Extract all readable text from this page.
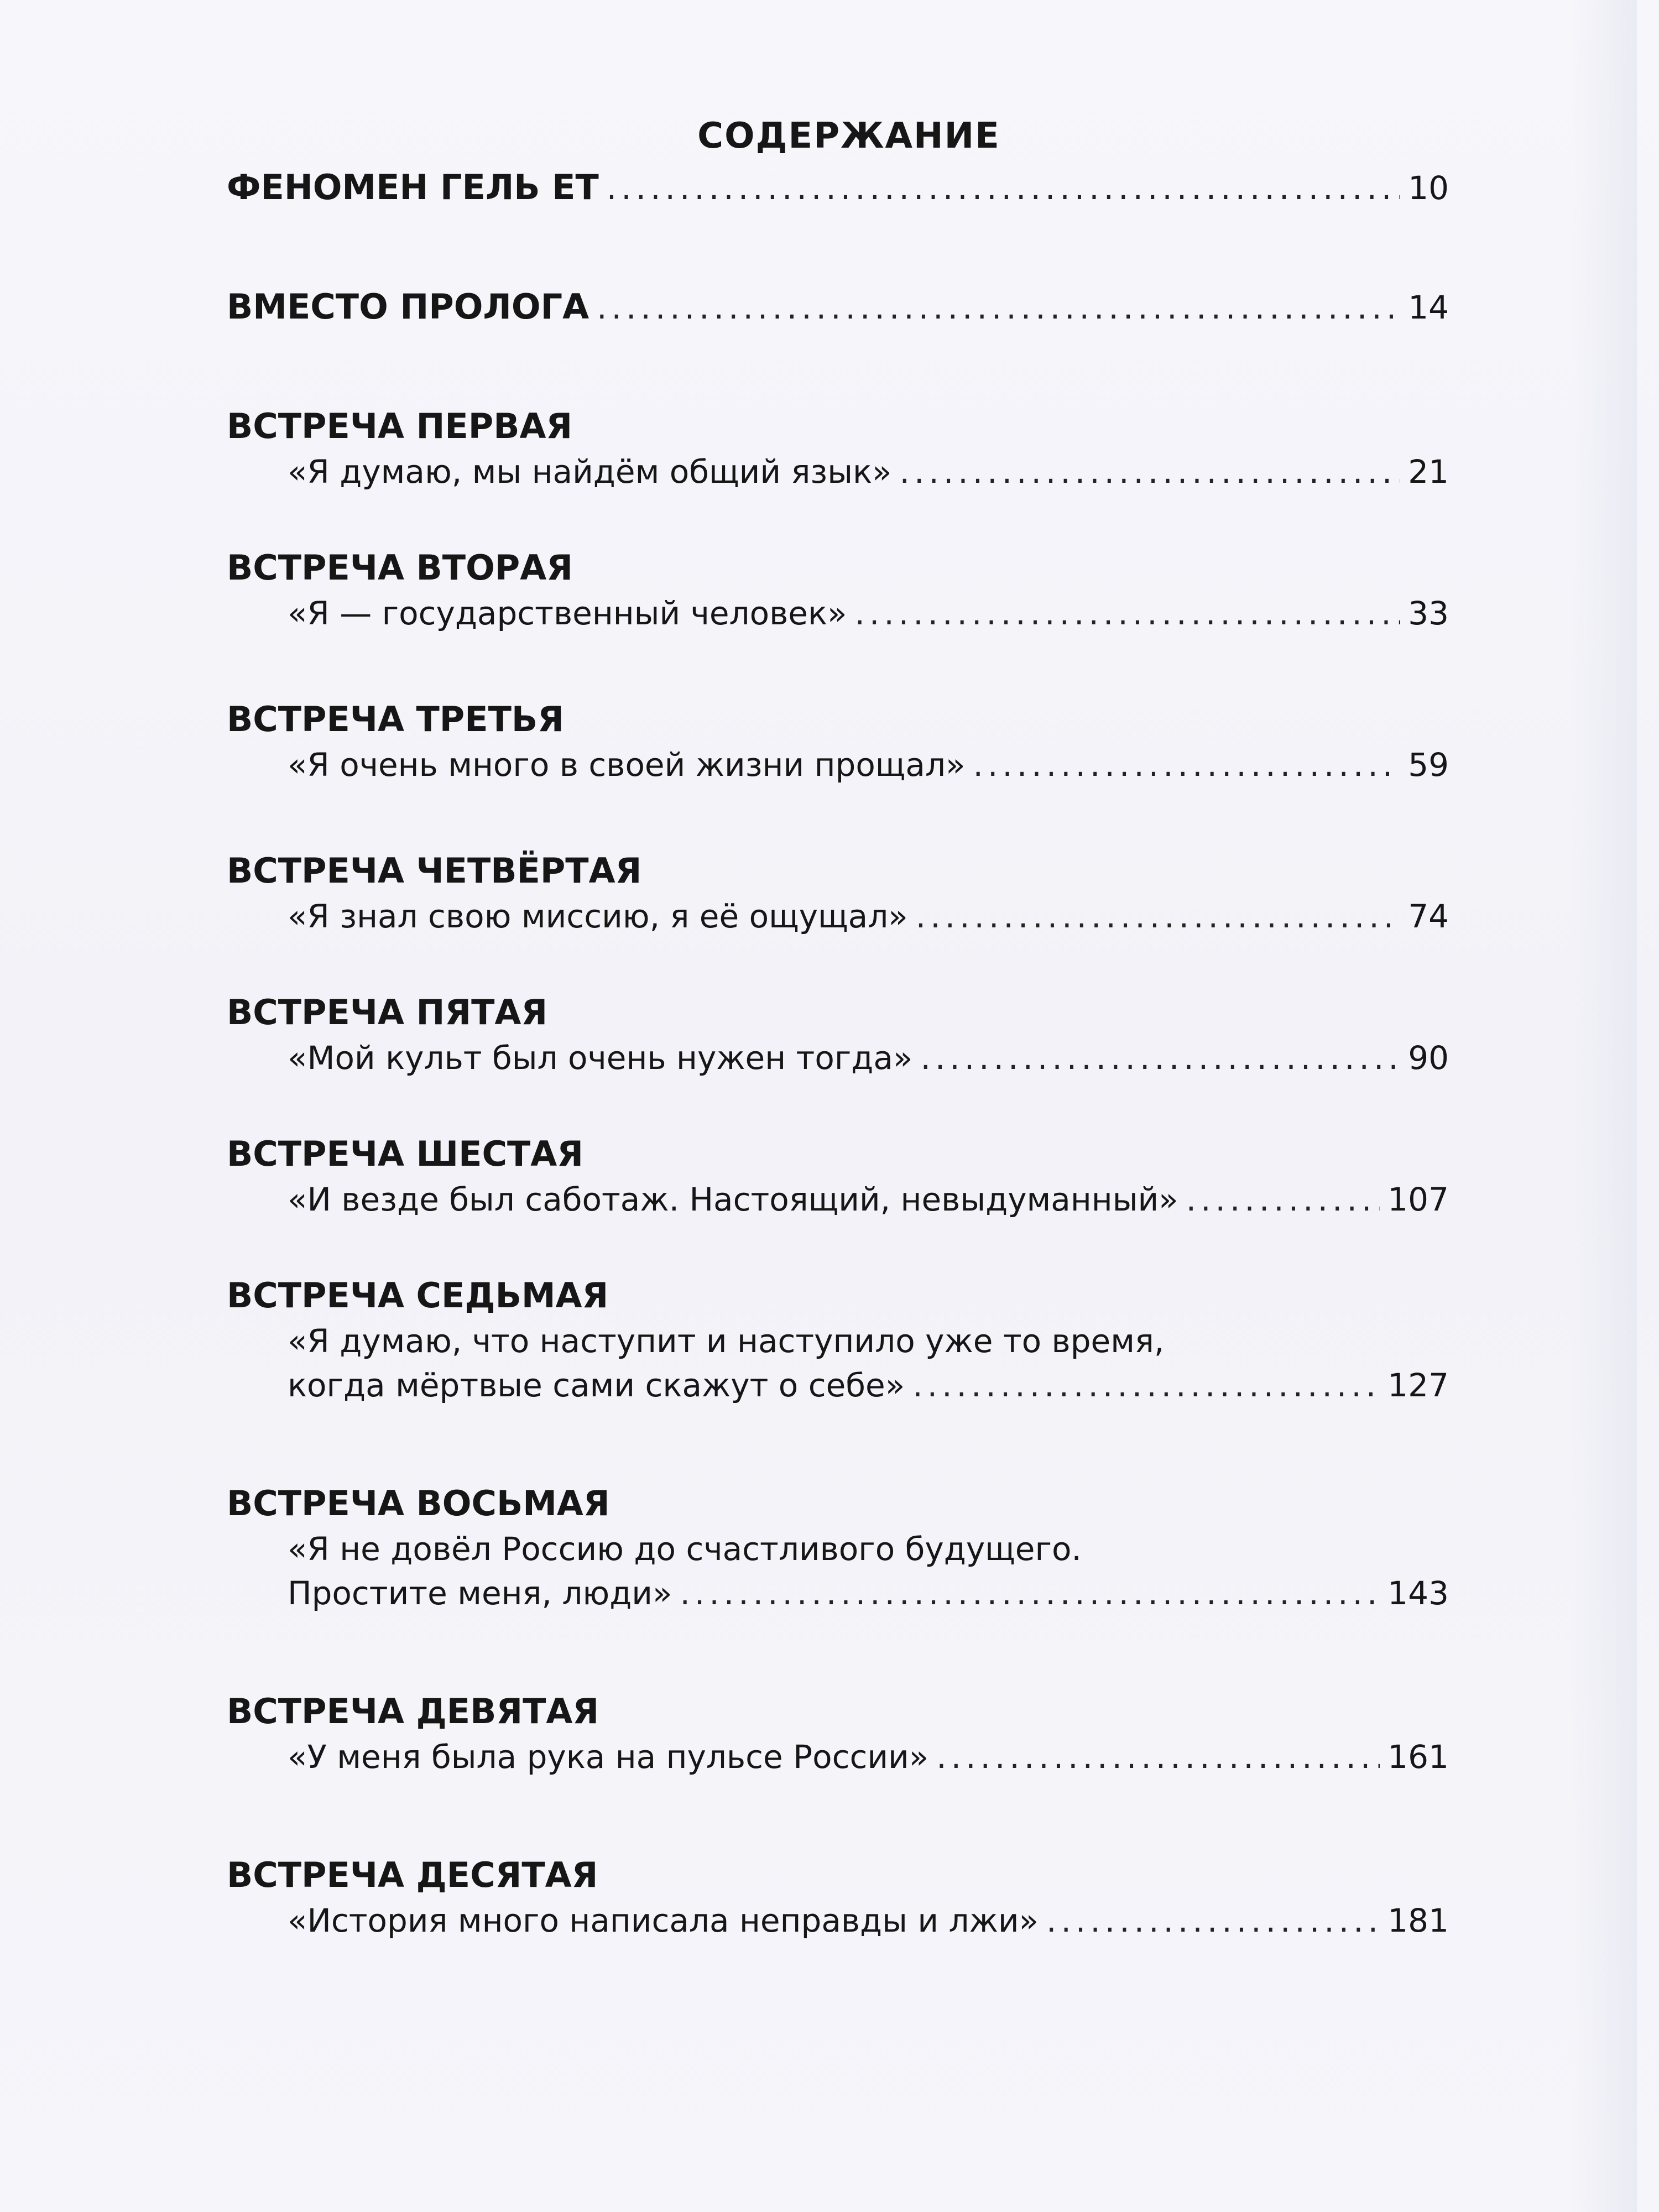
СОДЕРЖАНИЕ
ФЕНОМЕН ГЕЛЬ ЕТ .....	10
ВМЕСТО ПРОЛОГА .....	14
ВСТРЕЧА ПЕРВАЯ
«Я думаю, мы найдём общий язык» .....	21
ВСТРЕЧА ВТОРАЯ
«Я — государственный человек» .....	33
ВСТРЕЧА ТРЕТЬЯ
«Я очень много в своей жизни прощал» .....	59
ВСТРЕЧА ЧЕТВЁРТАЯ
«Я знал свою миссию, я её ощущал» .....	74
ВСТРЕЧА ПЯТАЯ
«Мой культ был очень нужен тогда» .....	90
ВСТРЕЧА ШЕСТАЯ
«И везде был саботаж. Настоящий, невыдуманный» .....	107
ВСТРЕЧА СЕДЬМАЯ
«Я думаю, что наступит и наступило уже то время,
когда мёртвые сами скажут о себе» .....	127
ВСТРЕЧА ВОСЬМАЯ
«Я не довёл Россию до счастливого будущего.
Простите меня, люди» .....	143
ВСТРЕЧА ДЕВЯТАЯ
«У меня была рука на пульсе России» .....	161
ВСТРЕЧА ДЕСЯТАЯ
«История много написала неправды и лжи» .....	181
